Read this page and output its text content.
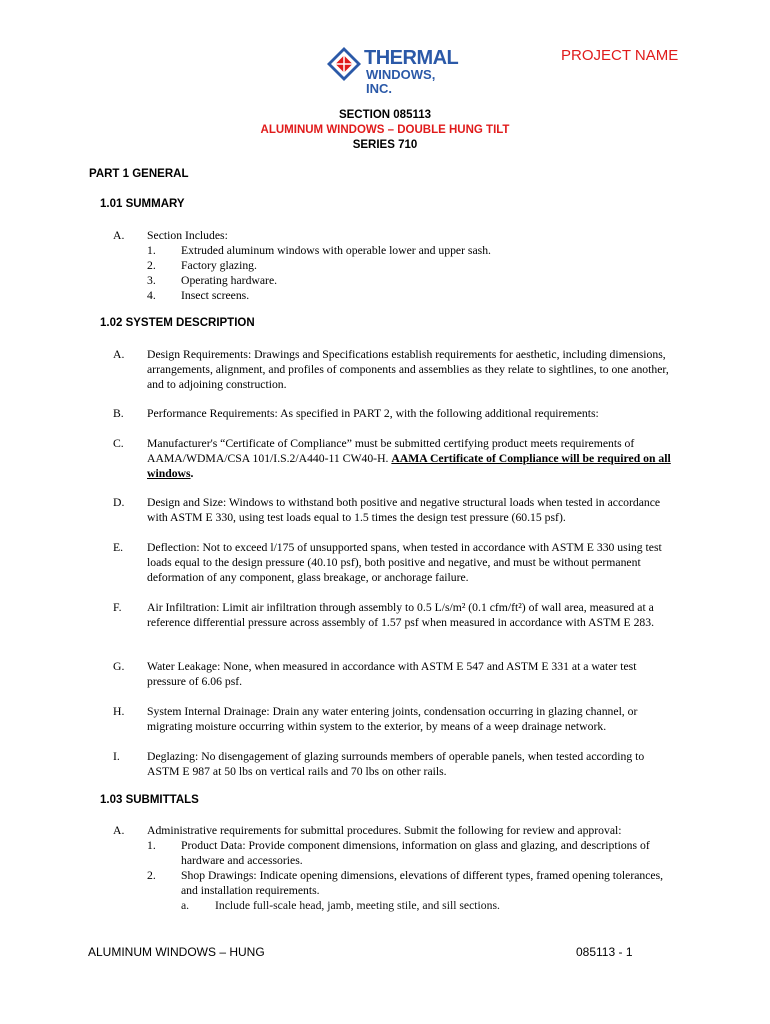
THERMAL
WINDOWS, INC.
PROJECT NAME
SECTION 085113
ALUMINUM WINDOWS – DOUBLE HUNG TILT
SERIES 710
PART 1 GENERAL
1.01 SUMMARY
A. Section Includes:
1. Extruded aluminum windows with operable lower and upper sash.
2. Factory glazing.
3. Operating hardware.
4. Insect screens.
1.02 SYSTEM DESCRIPTION
A. Design Requirements: Drawings and Specifications establish requirements for aesthetic, including dimensions, arrangements, alignment, and profiles of components and assemblies as they relate to sightlines, to one another, and to adjoining construction.
B. Performance Requirements: As specified in PART 2, with the following additional requirements:
C. Manufacturer's “Certificate of Compliance” must be submitted certifying product meets requirements of AAMA/WDMA/CSA 101/I.S.2/A440-11 CW40-H. AAMA Certificate of Compliance will be required on all windows.
D. Design and Size: Windows to withstand both positive and negative structural loads when tested in accordance with ASTM E 330, using test loads equal to 1.5 times the design test pressure (60.15 psf).
E. Deflection: Not to exceed l/175 of unsupported spans, when tested in accordance with ASTM E 330 using test loads equal to the design pressure (40.10 psf), both positive and negative, and must be without permanent deformation of any component, glass breakage, or anchorage failure.
F. Air Infiltration: Limit air infiltration through assembly to 0.5 L/s/m² (0.1 cfm/ft²) of wall area, measured at a reference differential pressure across assembly of 1.57 psf when measured in accordance with ASTM E 283.
G. Water Leakage: None, when measured in accordance with ASTM E 547 and ASTM E 331 at a water test pressure of 6.06 psf.
H. System Internal Drainage: Drain any water entering joints, condensation occurring in glazing channel, or migrating moisture occurring within system to the exterior, by means of a weep drainage network.
I. Deglazing: No disengagement of glazing surrounds members of operable panels, when tested according to ASTM E 987 at 50 lbs on vertical rails and 70 lbs on other rails.
1.03 SUBMITTALS
A. Administrative requirements for submittal procedures. Submit the following for review and approval:
1. Product Data: Provide component dimensions, information on glass and glazing, and descriptions of hardware and accessories.
2. Shop Drawings: Indicate opening dimensions, elevations of different types, framed opening tolerances, and installation requirements.
a. Include full-scale head, jamb, meeting stile, and sill sections.
ALUMINUM WINDOWS – HUNG	085113 - 1
